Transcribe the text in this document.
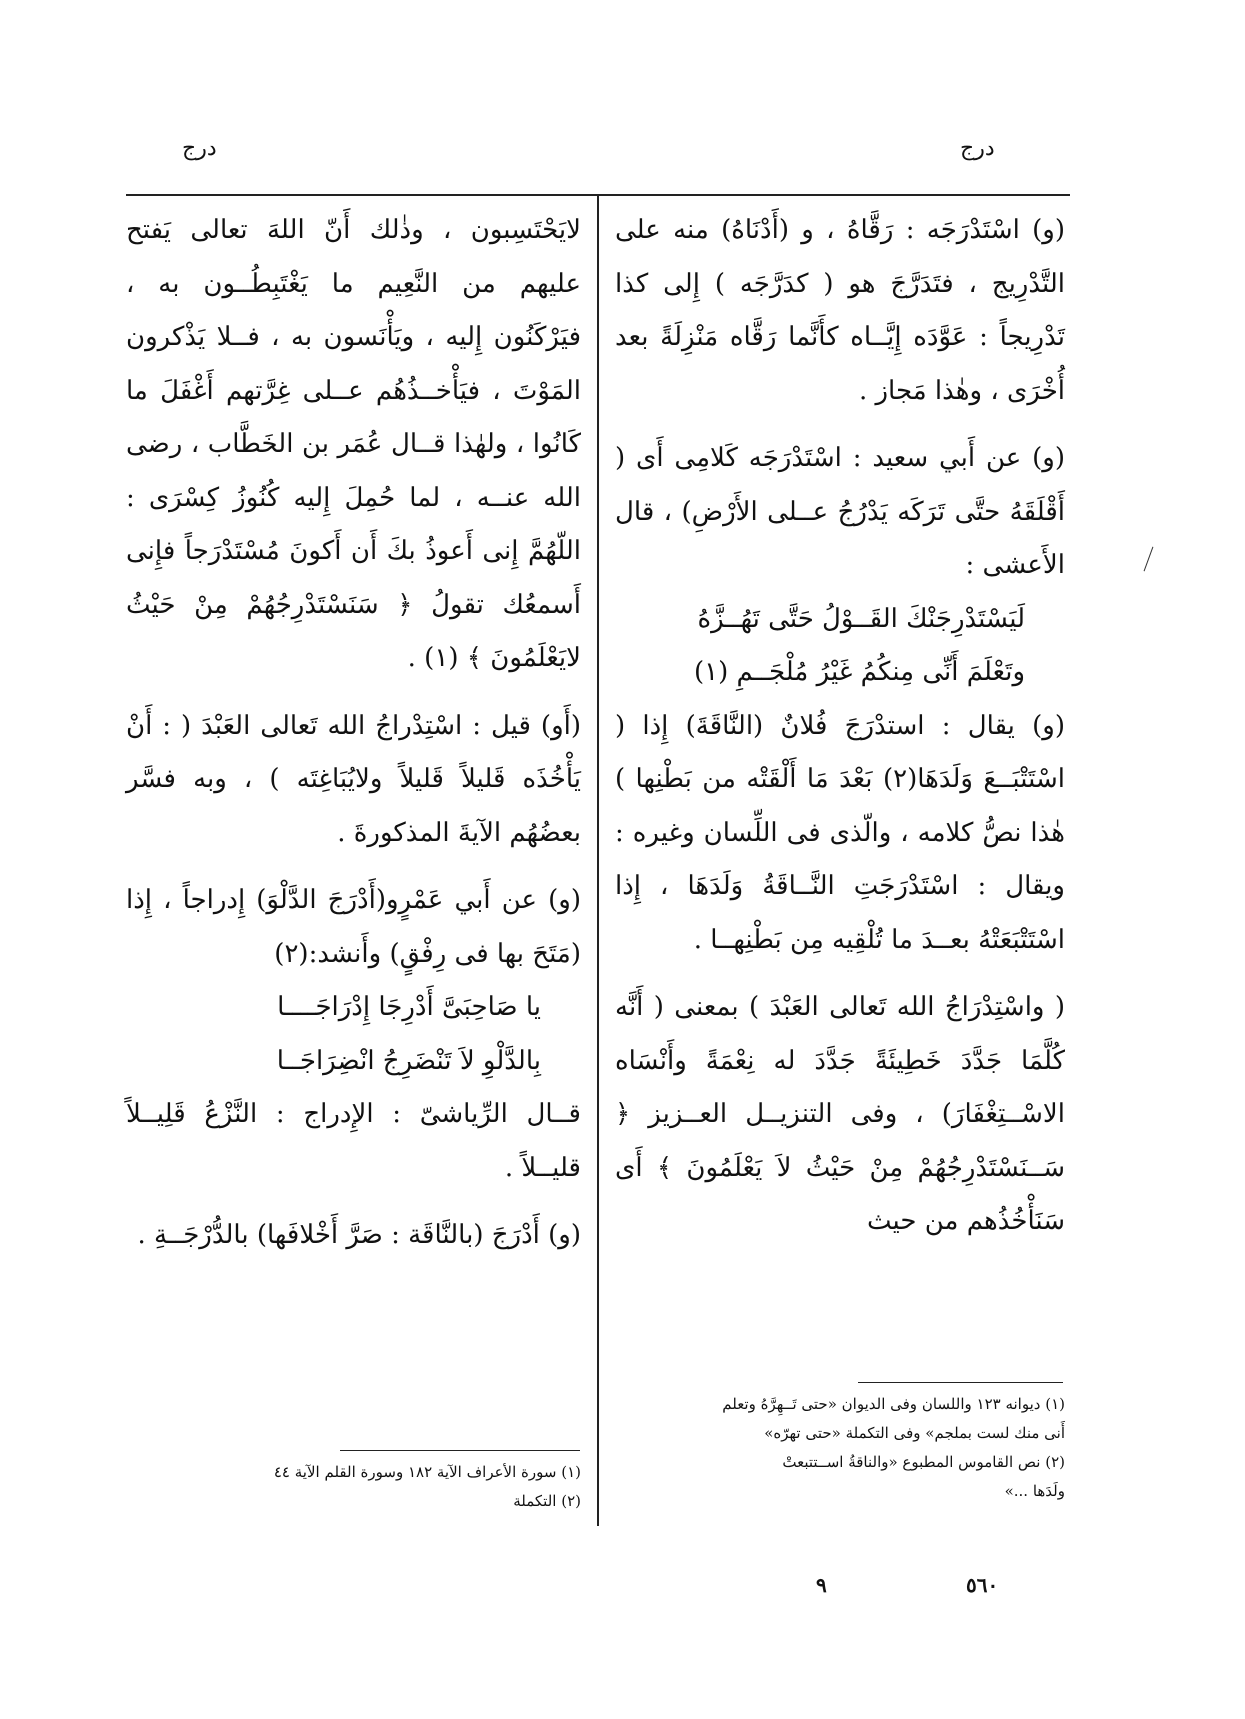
درج	درج

(و) اسْتَدْرَجَه : رَقَّاهُ ، و (أَدْنَاهُ) منه على التَّدْرِيج ، فتَدَرَّجَ هو ( كدَرَّجَه ) إِلى كذا تَدْرِيجاً : عَوَّدَه إِيَّــاه كأَنَّما رَقَّاه مَنْزِلَةً بعد أُخْرَى ، وهٰذا مَجاز .

(و) عن أَبي سعيد : اسْتَدْرَجَه كَلامِى أَى ( أَقْلَقَهُ حتَّى تَرَكَه يَدْرُجُ عــلى الأَرْضِ) ، قال الأَعشى :

لَيَسْتَدْرِجَنْكَ القَــوْلُ حَتَّى تَهُــزَّهُ
وتَعْلَمَ أَنِّى مِنكُمُ غَيْرُ مُلْجَــمِ (١)

(و) يقال : استدْرَجَ فُلانٌ (النَّاقَةَ) إِذا ( اسْتَتْبَــعَ وَلَدَهَا(٢) بَعْدَ مَا أَلْقَتْه من بَطْنِها ) هٰذا نصُّ كلامه ، والّذى فى اللِّسان وغيره : ويقال : اسْتَدْرَجَتِ النَّــاقَةُ وَلَدَهَا ، إِذا اسْتَتْبَعَتْهُ بعــدَ ما تُلْقِيه مِن بَطْنِهــا .

( واسْتِدْرَاجُ الله تَعالى العَبْدَ ) بمعنى ( أَنَّه كُلَّمَا جَدَّدَ خَطِيئَةً جَدَّدَ له نِعْمَةً وأَنْسَاه الاسْــتِغْفَارَ) ، وفى التنزيــل العــزيز ﴿ سَــنَسْتَدْرِجُهُمْ مِنْ حَيْثُ لاَ يَعْلَمُونَ ﴾ أَى سَنَأْخُذُهم من حيث

(١) ديوانه ١٢٣ واللسان وفى الديوان «حتى تَــهِرَّهُ وتعلم
أَنى منك لست بملجم» وفى التكملة «حتى تهرّه»
(٢) نص القاموس المطبوع «والناقةُ اســتتبعتْ
ولَدَها ...»

لايَحْتَسِبون ، وذٰلك أَنّ اللهَ تعالى يَفتح عليهم من النَّعِيم ما يَغْتَبِطُــون به ، فيَرْكَنُون إِليه ، ويَأْنَسون به ، فــلا يَذْكرون المَوْتَ ، فيَأْخــذُهُم عــلى غِرَّتهم أَغْفَلَ ما كَانُوا ، ولهٰذا قــال عُمَر بن الخَطَّاب ، رضى الله عنــه ، لما حُمِلَ إِليه كُنُوزُ كِسْرَى : اللّهُمَّ إِنى أَعوذُ بكَ أَن أَكونَ مُسْتَدْرَجاً فإِنى أَسمعُك تقولُ ﴿ سَنَسْتَدْرِجُهُمْ مِنْ حَيْثُ لايَعْلَمُونَ ﴾ (١) .

(أَو) قيل : اسْتِدْراجُ الله تَعالى العَبْدَ ( : أَنْ يَأْخُذَه قَليلاً قَليلاً ولايُبَاغِتَه ) ، وبه فسَّر بعضُهُم الآيةَ المذكورةَ .

(و) عن أَبي عَمْرٍو(أَدْرَجَ الدَّلْوَ) إِدراجاً ، إِذا (مَتَحَ بها فى رِفْقٍ) وأَنشد:(٢)

يا صَاحِبَىَّ أَدْرِجَا إِدْرَاجَــــا
بِالدَّلْوِ لاَ تَنْضَرِجُ انْضِرَاجَــا

قــال الرِّياشىّ : الإِدراج : النَّزْعُ قَلِيــلاً قليــلاً .

(و) أَدْرَجَ (بالنَّاقَة : صَرَّ أَخْلافَها) بالدُّرْجَــةِ .

(١) سورة الأعراف الآية ١٨٢ وسورة القلم الآية ٤٤
(٢) التكملة
٥٦٠
٩
